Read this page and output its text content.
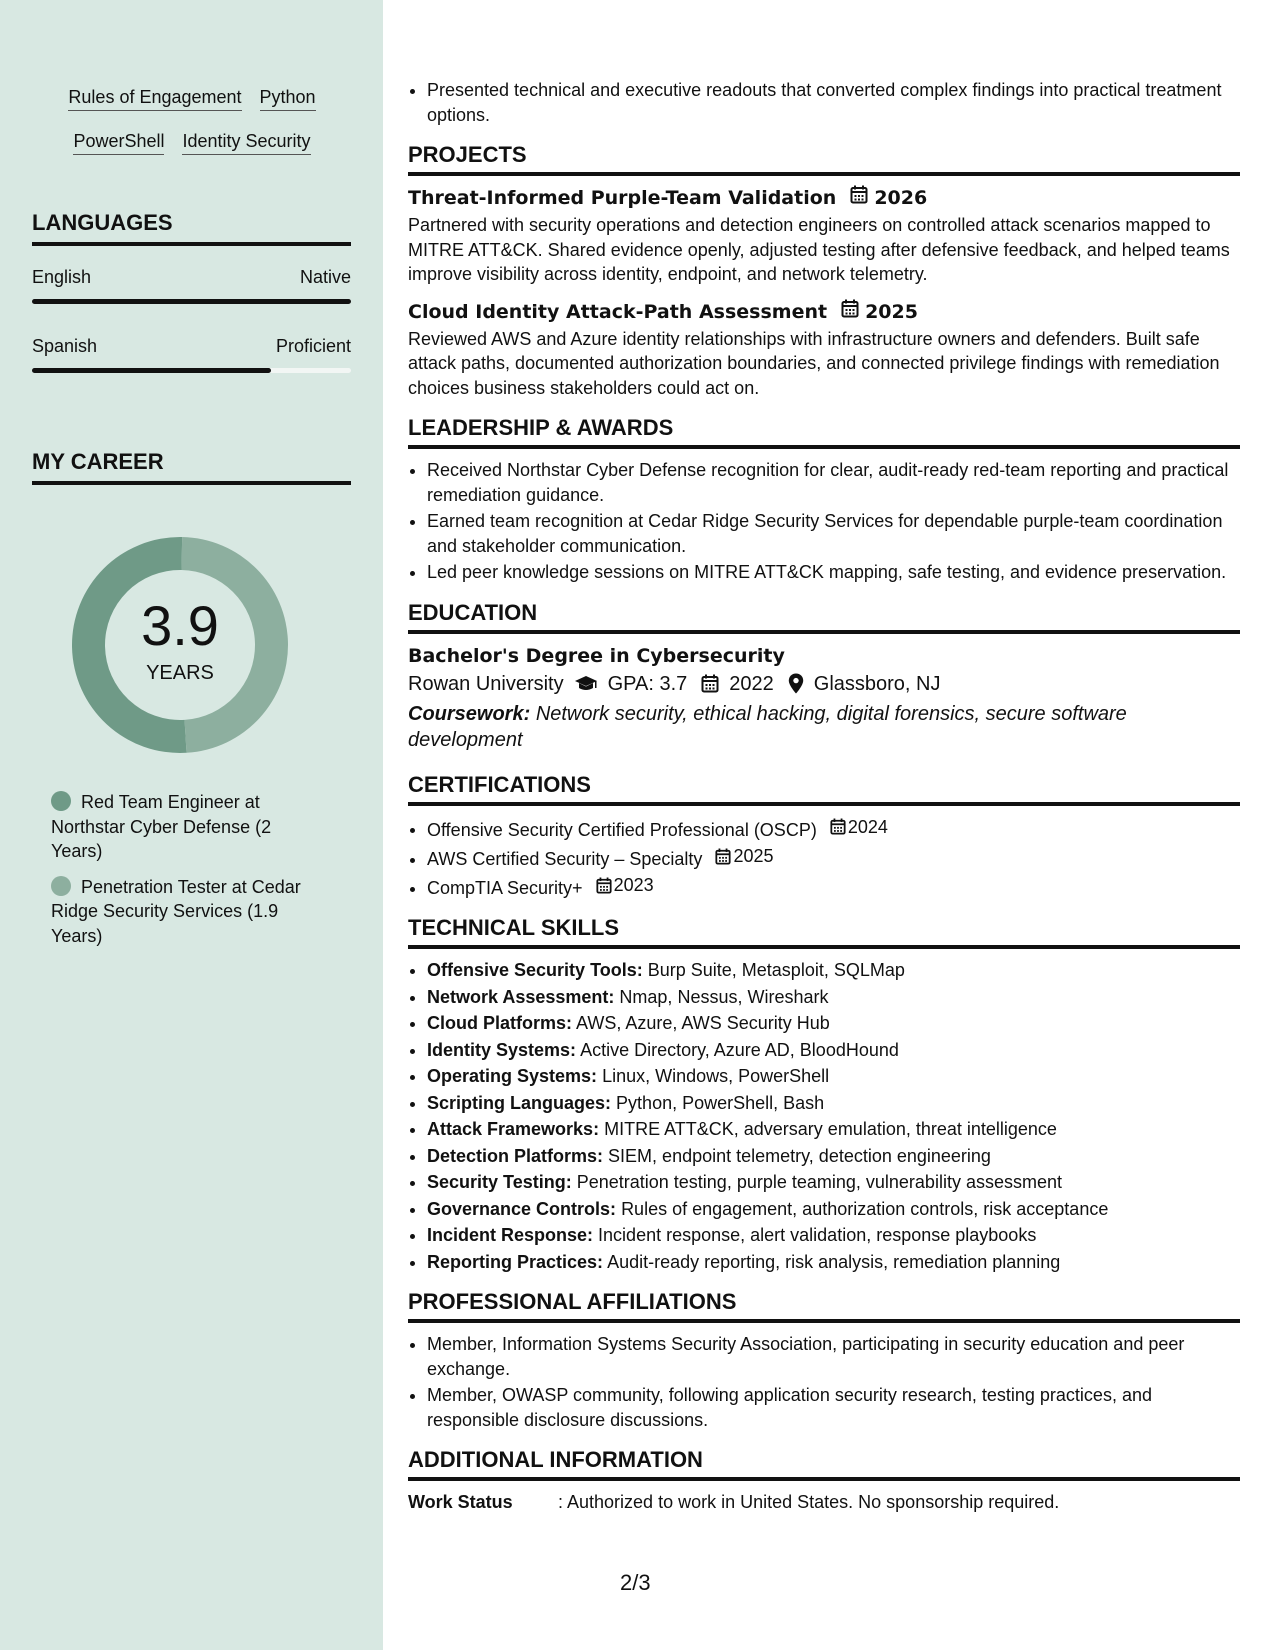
Rules of Engagement Python
PowerShell Identity Security
LANGUAGES
English	Native
Spanish	Proficient
MY CAREER
3.9
YEARS
Red Team Engineer at Northstar Cyber Defense (2 Years)
Penetration Tester at Cedar Ridge Security Services (1.9 Years)
• Presented technical and executive readouts that converted complex findings into practical treatment options.
PROJECTS
Threat-Informed Purple-Team Validation 2026
Partnered with security operations and detection engineers on controlled attack scenarios mapped to MITRE ATT&CK. Shared evidence openly, adjusted testing after defensive feedback, and helped teams improve visibility across identity, endpoint, and network telemetry.
Cloud Identity Attack-Path Assessment 2025
Reviewed AWS and Azure identity relationships with infrastructure owners and defenders. Built safe attack paths, documented authorization boundaries, and connected privilege findings with remediation choices business stakeholders could act on.
LEADERSHIP & AWARDS
• Received Northstar Cyber Defense recognition for clear, audit-ready red-team reporting and practical remediation guidance.
• Earned team recognition at Cedar Ridge Security Services for dependable purple-team coordination and stakeholder communication.
• Led peer knowledge sessions on MITRE ATT&CK mapping, safe testing, and evidence preservation.
EDUCATION
Bachelor's Degree in Cybersecurity
Rowan University GPA: 3.7 2022 Glassboro, NJ
Coursework: Network security, ethical hacking, digital forensics, secure software development
CERTIFICATIONS
• Offensive Security Certified Professional (OSCP) 2024
• AWS Certified Security – Specialty 2025
• CompTIA Security+ 2023
TECHNICAL SKILLS
• Offensive Security Tools: Burp Suite, Metasploit, SQLMap
• Network Assessment: Nmap, Nessus, Wireshark
• Cloud Platforms: AWS, Azure, AWS Security Hub
• Identity Systems: Active Directory, Azure AD, BloodHound
• Operating Systems: Linux, Windows, PowerShell
• Scripting Languages: Python, PowerShell, Bash
• Attack Frameworks: MITRE ATT&CK, adversary emulation, threat intelligence
• Detection Platforms: SIEM, endpoint telemetry, detection engineering
• Security Testing: Penetration testing, purple teaming, vulnerability assessment
• Governance Controls: Rules of engagement, authorization controls, risk acceptance
• Incident Response: Incident response, alert validation, response playbooks
• Reporting Practices: Audit-ready reporting, risk analysis, remediation planning
PROFESSIONAL AFFILIATIONS
• Member, Information Systems Security Association, participating in security education and peer exchange.
• Member, OWASP community, following application security research, testing practices, and responsible disclosure discussions.
ADDITIONAL INFORMATION
Work Status	: Authorized to work in United States. No sponsorship required.
2/3
